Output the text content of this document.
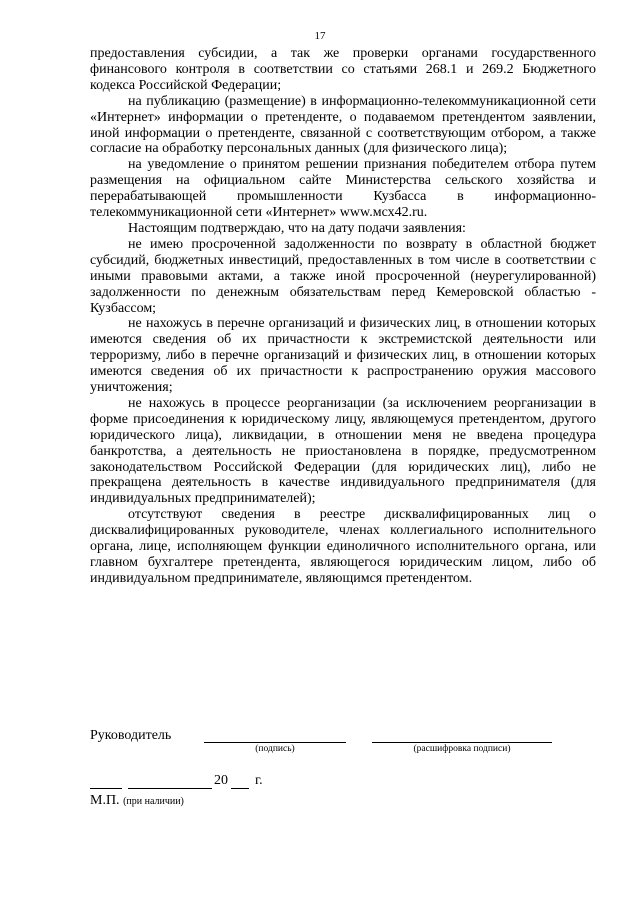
17

предоставления субсидии, а так же проверки органами государственного финансового контроля в соответствии со статьями 268.1 и 269.2 Бюджетного кодекса Российской Федерации;

на публикацию (размещение) в информационно-телекоммуникационной сети «Интернет» информации о претенденте, о подаваемом претендентом заявлении, иной информации о претенденте, связанной с соответствующим отбором, а также согласие на обработку персональных данных (для физического лица);

на уведомление о принятом решении признания победителем отбора путем размещения на официальном сайте Министерства сельского хозяйства и перерабатывающей промышленности Кузбасса в информационно-телекоммуникационной сети «Интернет» www.мсх42.ru.

Настоящим подтверждаю, что на дату подачи заявления:

не имею просроченной задолженности по возврату в областной бюджет субсидий, бюджетных инвестиций, предоставленных в том числе в соответствии с иными правовыми актами, а также иной просроченной (неурегулированной) задолженности по денежным обязательствам перед Кемеровской областью - Кузбассом;

не нахожусь в перечне организаций и физических лиц, в отношении которых имеются сведения об их причастности к экстремистской деятельности или терроризму, либо в перечне организаций и физических лиц, в отношении которых имеются сведения об их причастности к распространению оружия массового уничтожения;

не нахожусь в процессе реорганизации (за исключением реорганизации в форме присоединения к юридическому лицу, являющемуся претендентом, другого юридического лица), ликвидации, в отношении меня не введена процедура банкротства, а деятельность не приостановлена в порядке, предусмотренном законодательством Российской Федерации (для юридических лиц), либо не прекращена деятельность в качестве индивидуального предпринимателя (для индивидуальных предпринимателей);

отсутствуют сведения в реестре дисквалифицированных лиц о дисквалифицированных руководителе, членах коллегиального исполнительного органа, лице, исполняющем функции единоличного исполнительного органа, или главном бухгалтере претендента, являющегося юридическим лицом, либо об индивидуальном предпринимателе, являющимся претендентом.

Руководитель
(подпись)	(расшифровка подписи)
20 г.
М.П. (при наличии)
